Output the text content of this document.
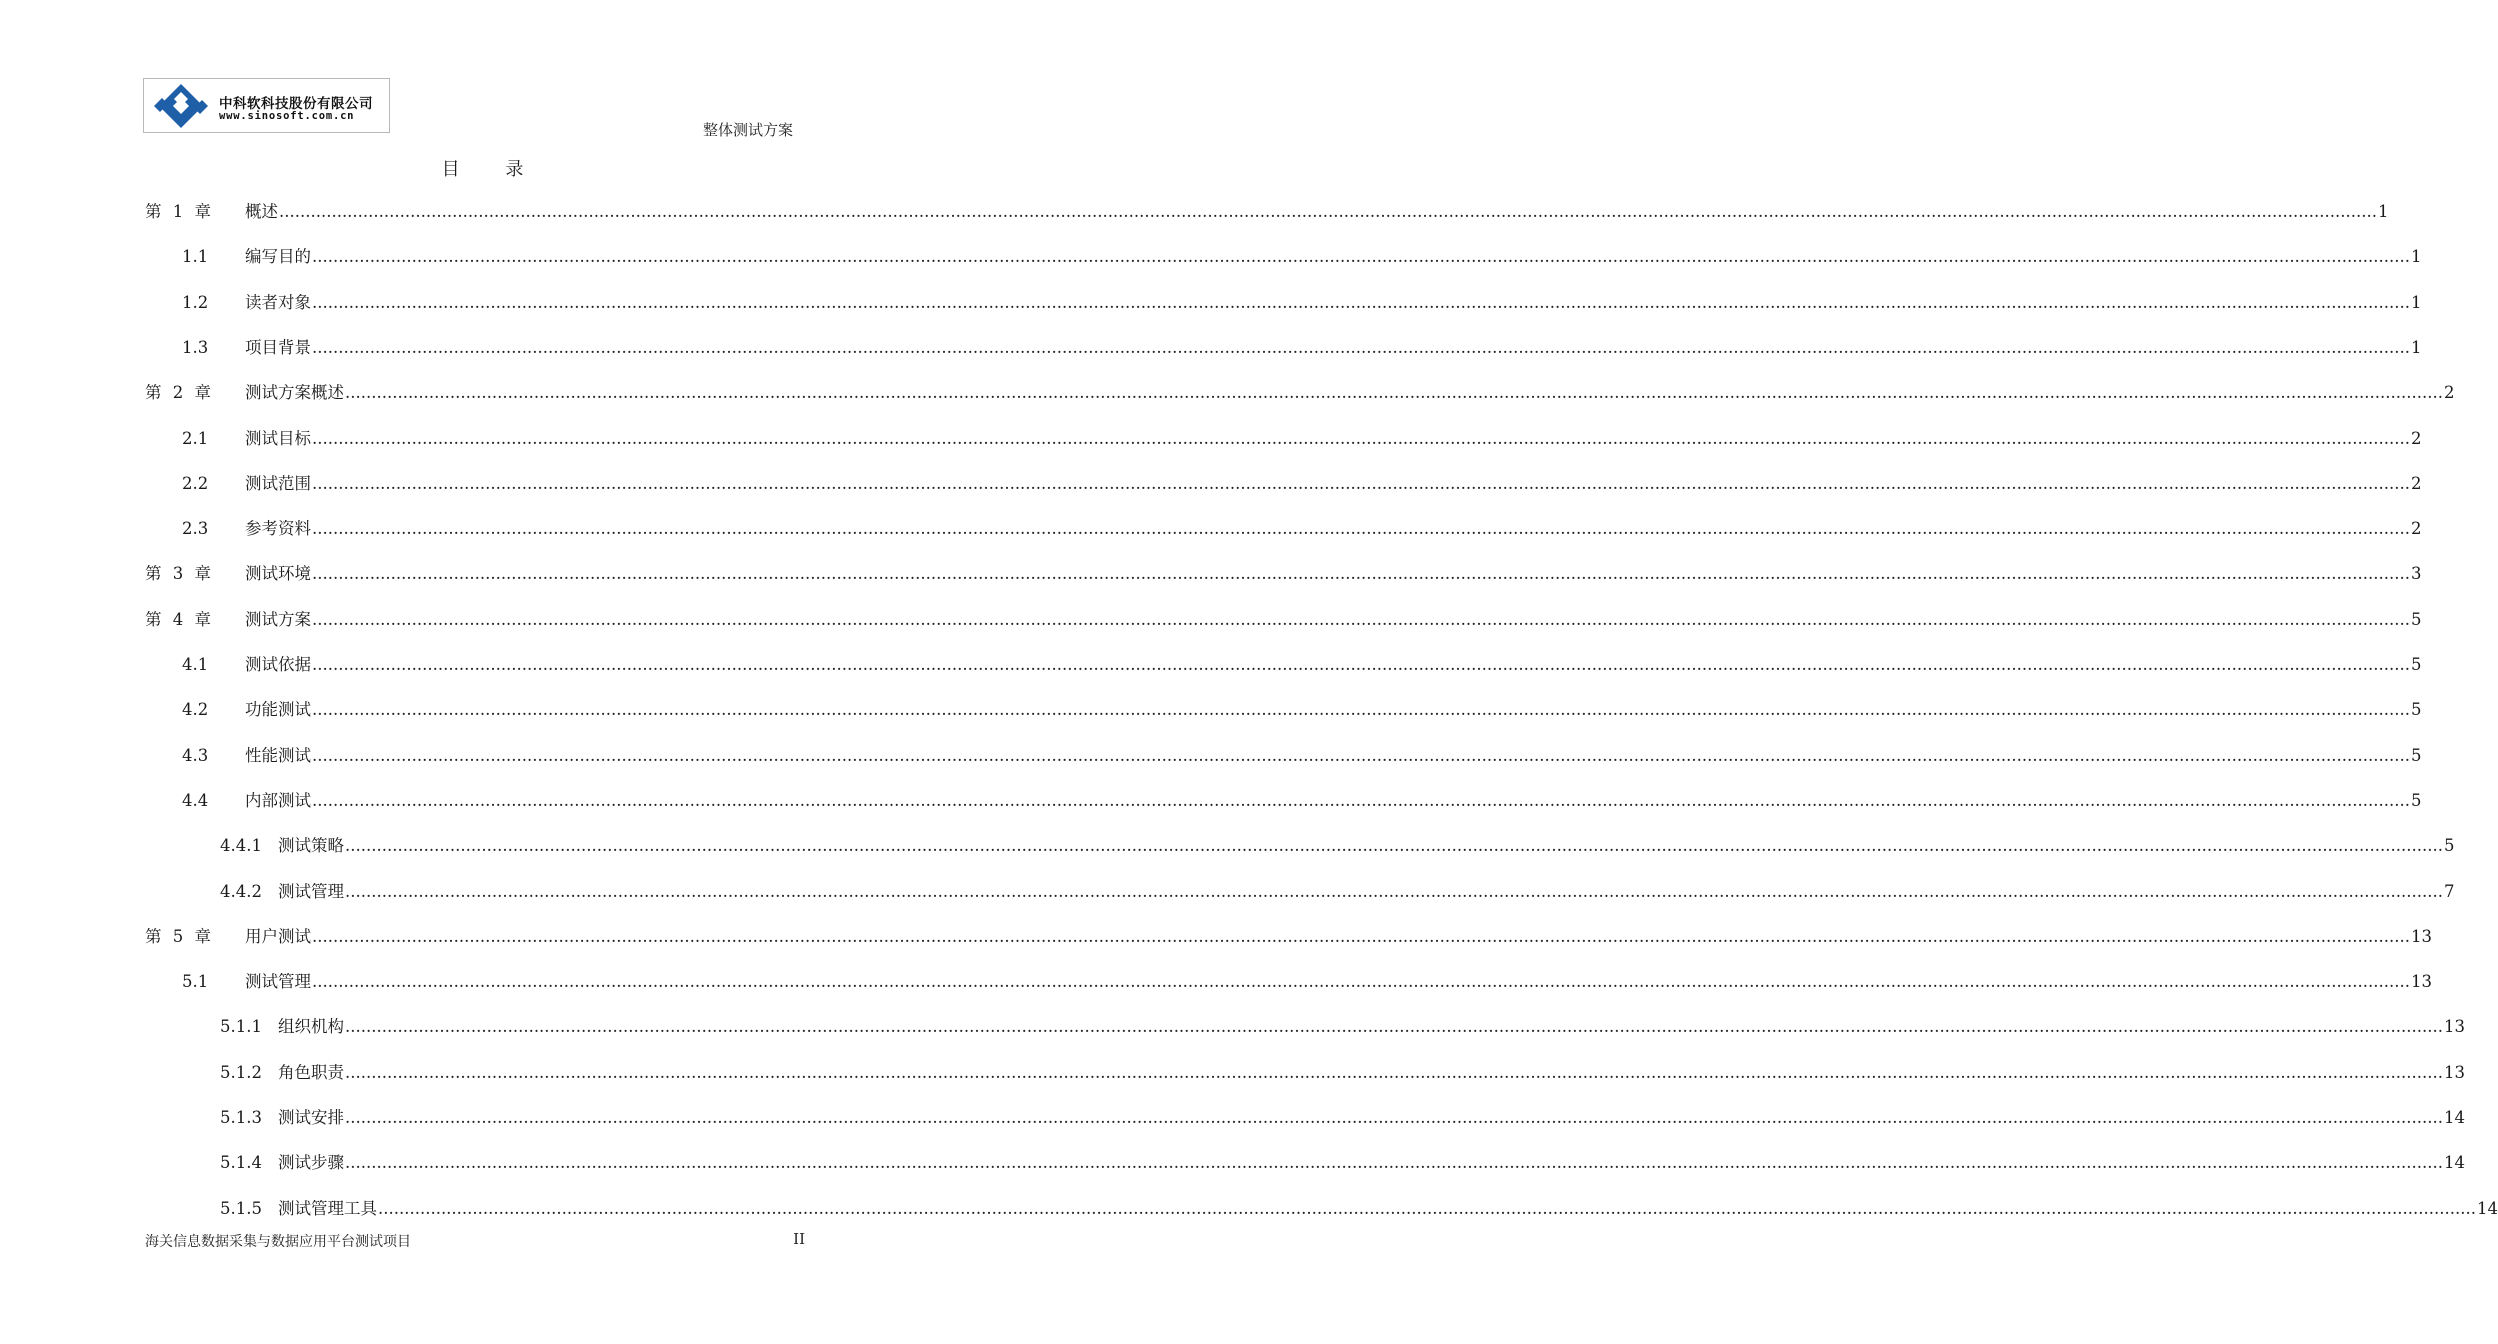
中科软科技股份有限公司
www.sinosoft.com.cn
整体测试方案
目 录
第 1 章 概述 ................................................................................................................................................................................................................................................................................................................................................................................................................ 1
1.1 编写目的 ................................................................................................................................................................................................................................................................................................................................................................................................................ 1
1.2 读者对象 ................................................................................................................................................................................................................................................................................................................................................................................................................ 1
1.3 项目背景 ................................................................................................................................................................................................................................................................................................................................................................................................................ 1
第 2 章 测试方案概述 ................................................................................................................................................................................................................................................................................................................................................................................................................ 2
2.1 测试目标 ................................................................................................................................................................................................................................................................................................................................................................................................................ 2
2.2 测试范围 ................................................................................................................................................................................................................................................................................................................................................................................................................ 2
2.3 参考资料 ................................................................................................................................................................................................................................................................................................................................................................................................................ 2
第 3 章 测试环境 ................................................................................................................................................................................................................................................................................................................................................................................................................ 3
第 4 章 测试方案 ................................................................................................................................................................................................................................................................................................................................................................................................................ 5
4.1 测试依据 ................................................................................................................................................................................................................................................................................................................................................................................................................ 5
4.2 功能测试 ................................................................................................................................................................................................................................................................................................................................................................................................................ 5
4.3 性能测试 ................................................................................................................................................................................................................................................................................................................................................................................................................ 5
4.4 内部测试 ................................................................................................................................................................................................................................................................................................................................................................................................................ 5
4.4.1 测试策略 ................................................................................................................................................................................................................................................................................................................................................................................................................ 5
4.4.2 测试管理 ................................................................................................................................................................................................................................................................................................................................................................................................................ 7
第 5 章 用户测试 ................................................................................................................................................................................................................................................................................................................................................................................................................ 13
5.1 测试管理 ................................................................................................................................................................................................................................................................................................................................................................................................................ 13
5.1.1 组织机构 ................................................................................................................................................................................................................................................................................................................................................................................................................ 13
5.1.2 角色职责 ................................................................................................................................................................................................................................................................................................................................................................................................................ 13
5.1.3 测试安排 ................................................................................................................................................................................................................................................................................................................................................................................................................ 14
5.1.4 测试步骤 ................................................................................................................................................................................................................................................................................................................................................................................................................ 14
5.1.5 测试管理工具 ................................................................................................................................................................................................................................................................................................................................................................................................................ 14
海关信息数据采集与数据应用平台测试项目	II
